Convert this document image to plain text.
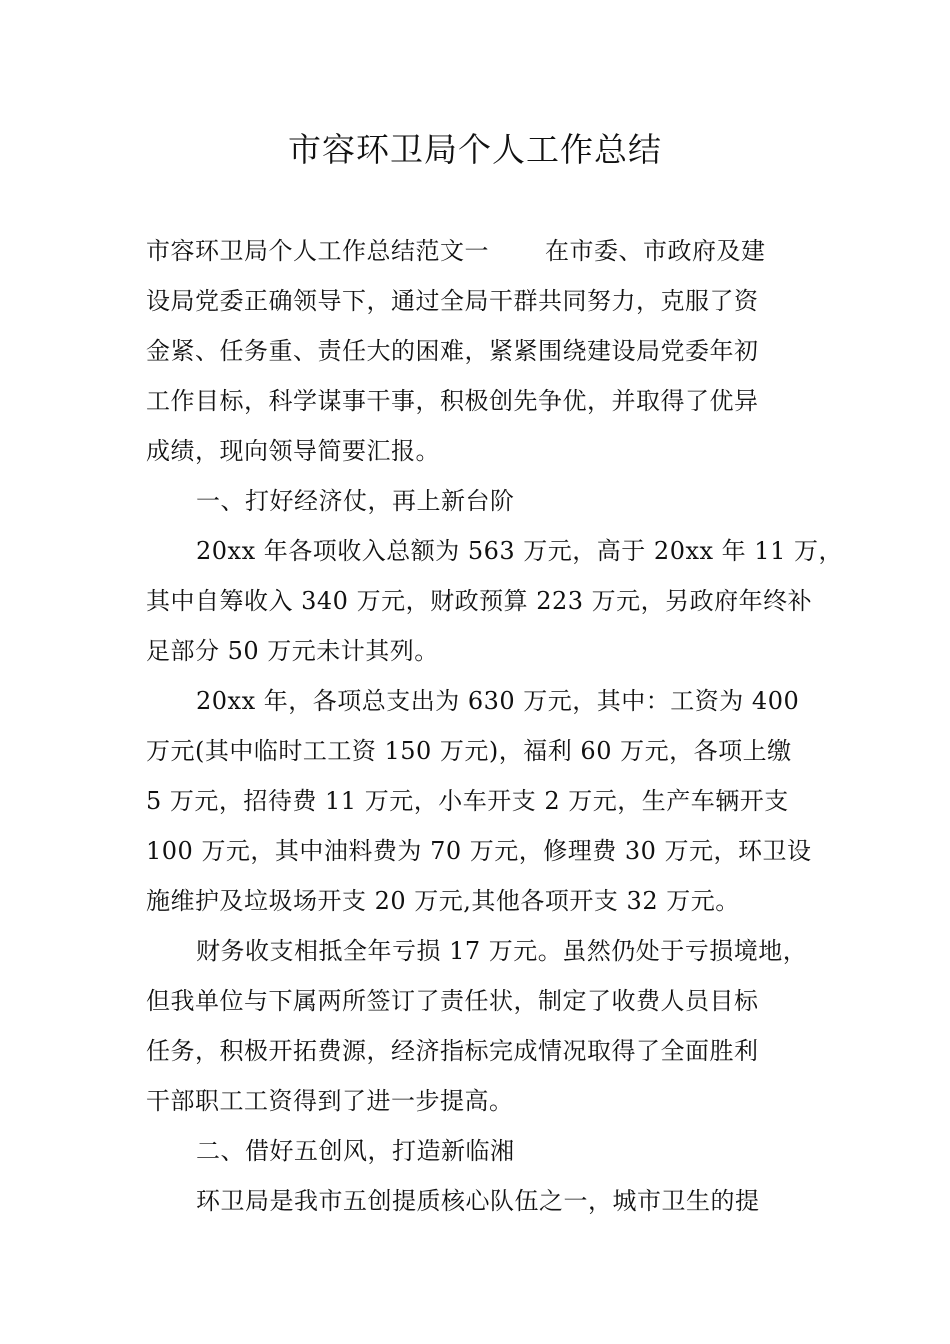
市容环卫局个人工作总结
市容环卫局个人工作总结范文一 在市委、市政府及建
设局党委正确领导下，通过全局干群共同努力，克服了资
金紧、任务重、责任大的困难，紧紧围绕建设局党委年初
工作目标，科学谋事干事，积极创先争优，并取得了优异
成绩，现向领导简要汇报。
一、打好经济仗，再上新台阶
20xx 年各项收入总额为 563 万元，高于 20xx 年 11 万，
其中自筹收入 340 万元，财政预算 223 万元，另政府年终补
足部分 50 万元未计其列。
20xx 年，各项总支出为 630 万元，其中：工资为 400
万元(其中临时工工资 150 万元)，福利 60 万元，各项上缴
5 万元，招待费 11 万元，小车开支 2 万元，生产车辆开支
100 万元，其中油料费为 70 万元，修理费 30 万元，环卫设
施维护及垃圾场开支 20 万元,其他各项开支 32 万元。
财务收支相抵全年亏损 17 万元。虽然仍处于亏损境地，
但我单位与下属两所签订了责任状，制定了收费人员目标
任务，积极开拓费源，经济指标完成情况取得了全面胜利
干部职工工资得到了进一步提高。
二、借好五创风，打造新临湘
环卫局是我市五创提质核心队伍之一，城市卫生的提
